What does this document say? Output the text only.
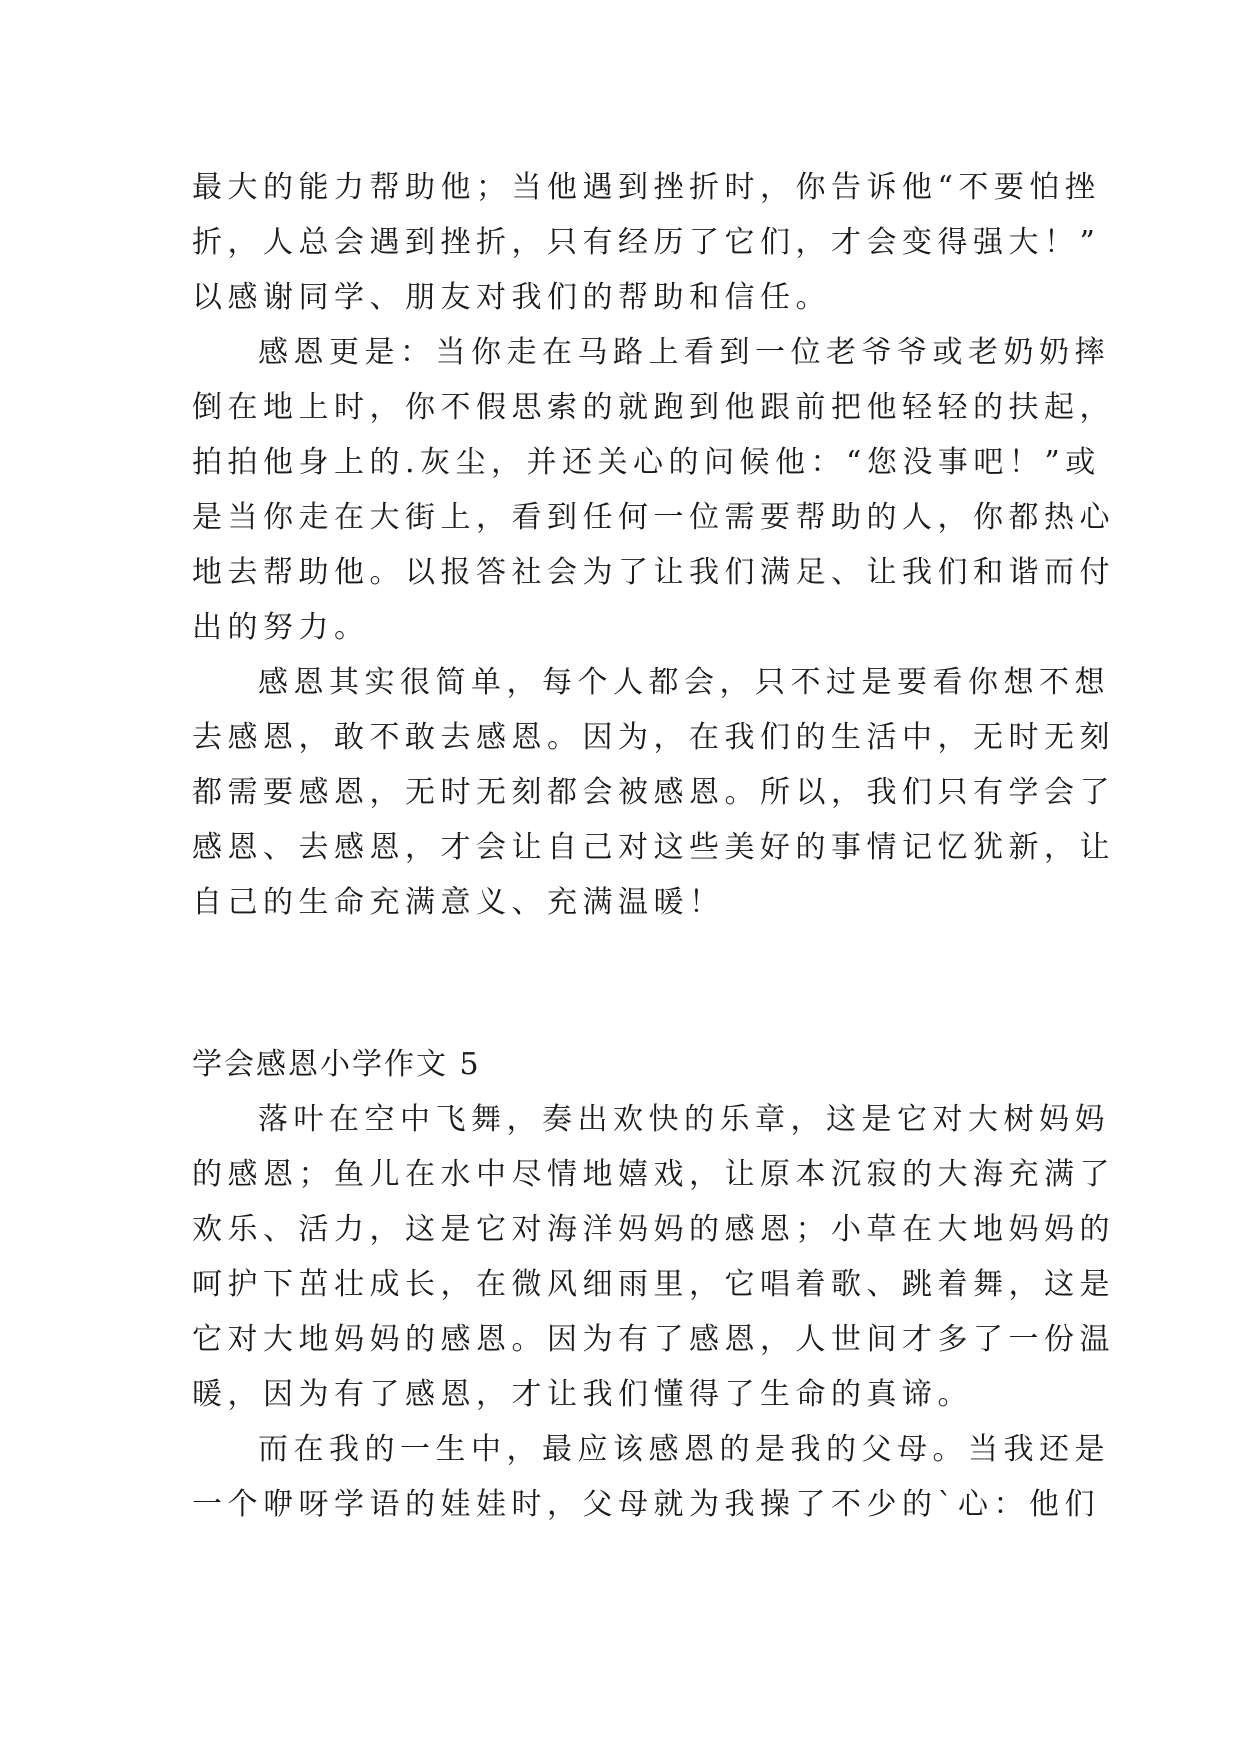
最大的能力帮助他；当他遇到挫折时，你告诉他“不要怕挫
折，人总会遇到挫折，只有经历了它们，才会变得强大！”
以感谢同学、朋友对我们的帮助和信任。
感恩更是：当你走在马路上看到一位老爷爷或老奶奶摔
倒在地上时，你不假思索的就跑到他跟前把他轻轻的扶起，
拍拍他身上的.灰尘，并还关心的问候他：“您没事吧！”或
是当你走在大街上，看到任何一位需要帮助的人，你都热心
地去帮助他。以报答社会为了让我们满足、让我们和谐而付
出的努力。
感恩其实很简单，每个人都会，只不过是要看你想不想
去感恩，敢不敢去感恩。因为，在我们的生活中，无时无刻
都需要感恩，无时无刻都会被感恩。所以，我们只有学会了
感恩、去感恩，才会让自己对这些美好的事情记忆犹新，让
自己的生命充满意义、充满温暖！
学会感恩小学作文 5
落叶在空中飞舞，奏出欢快的乐章，这是它对大树妈妈
的感恩；鱼儿在水中尽情地嬉戏，让原本沉寂的大海充满了
欢乐、活力，这是它对海洋妈妈的感恩；小草在大地妈妈的
呵护下茁壮成长，在微风细雨里，它唱着歌、跳着舞，这是
它对大地妈妈的感恩。因为有了感恩，人世间才多了一份温
暖，因为有了感恩，才让我们懂得了生命的真谛。
而在我的一生中，最应该感恩的是我的父母。当我还是
一个咿呀学语的娃娃时，父母就为我操了不少的`心：他们
